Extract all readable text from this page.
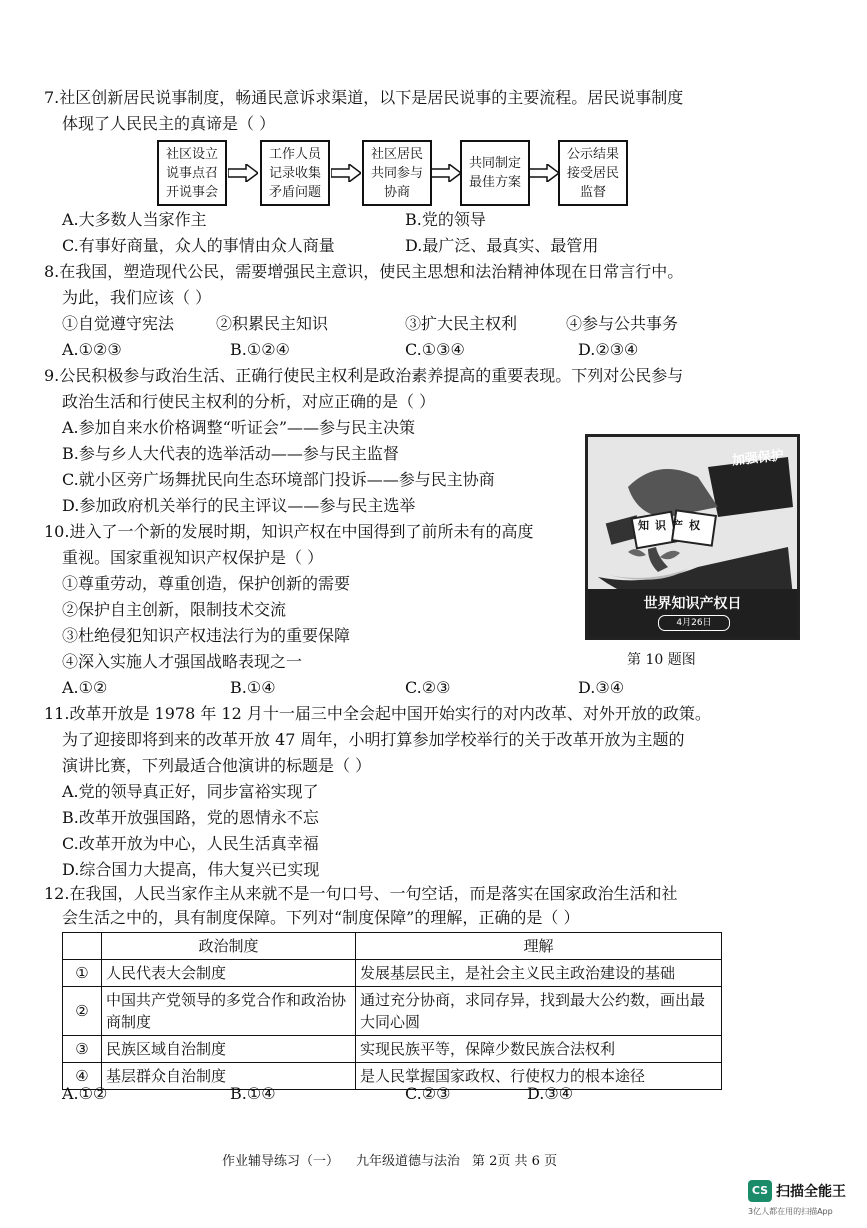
7.社区创新居民说事制度，畅通民意诉求渠道，以下是居民说事的主要流程。居民说事制度
体现了人民民主的真谛是（ ）
社区设立说事点召开说事会
工作人员记录收集矛盾问题
社区居民共同参与协商
共同制定最佳方案
公示结果接受居民监督
A.大多数人当家作主	B.党的领导
C.有事好商量，众人的事情由众人商量	D.最广泛、最真实、最管用
8.在我国，塑造现代公民，需要增强民主意识，使民主思想和法治精神体现在日常言行中。
为此，我们应该（ ）
①自觉遵守宪法	②积累民主知识	③扩大民主权利	④参与公共事务
A.①②③	B.①②④	C.①③④	D.②③④
9.公民积极参与政治生活、正确行使民主权利是政治素养提高的重要表现。下列对公民参与
政治生活和行使民主权利的分析，对应正确的是（ ）
A.参加自来水价格调整“听证会”——参与民主决策
B.参与乡人大代表的选举活动——参与民主监督
C.就小区旁广场舞扰民向生态环境部门投诉——参与民主协商
D.参加政府机关举行的民主评议——参与民主选举
加强保护
知识产权
世界知识产权日
4月26日
第 10 题图
10.进入了一个新的发展时期，知识产权在中国得到了前所未有的高度
重视。国家重视知识产权保护是（ ）
①尊重劳动，尊重创造，保护创新的需要
②保护自主创新，限制技术交流
③杜绝侵犯知识产权违法行为的重要保障
④深入实施人才强国战略表现之一
A.①②	B.①④	C.②③	D.③④
11.改革开放是 1978 年 12 月十一届三中全会起中国开始实行的对内改革、对外开放的政策。
为了迎接即将到来的改革开放 47 周年，小明打算参加学校举行的关于改革开放为主题的
演讲比赛，下列最适合他演讲的标题是（ ）
A.党的领导真正好，同步富裕实现了
B.改革开放强国路，党的恩情永不忘
C.改革开放为中心，人民生活真幸福
D.综合国力大提高，伟大复兴已实现
12.在我国，人民当家作主从来就不是一句口号、一句空话，而是落实在国家政治生活和社
会生活之中的，具有制度保障。下列对“制度保障”的理解，正确的是（ ）
	政治制度	理解
①	人民代表大会制度	发展基层民主，是社会主义民主政治建设的基础
②	中国共产党领导的多党合作和政治协商制度	通过充分协商，求同存异，找到最大公约数，画出最大同心圆
③	民族区域自治制度	实现民族平等，保障少数民族合法权利
④	基层群众自治制度	是人民掌握国家政权、行使权力的根本途径
A.①②	B.①④	C.②③	D.③④
作业辅导练习（一） 九年级道德与法治 第 2页 共 6 页
CS 扫描全能王
3亿人都在用的扫描App
